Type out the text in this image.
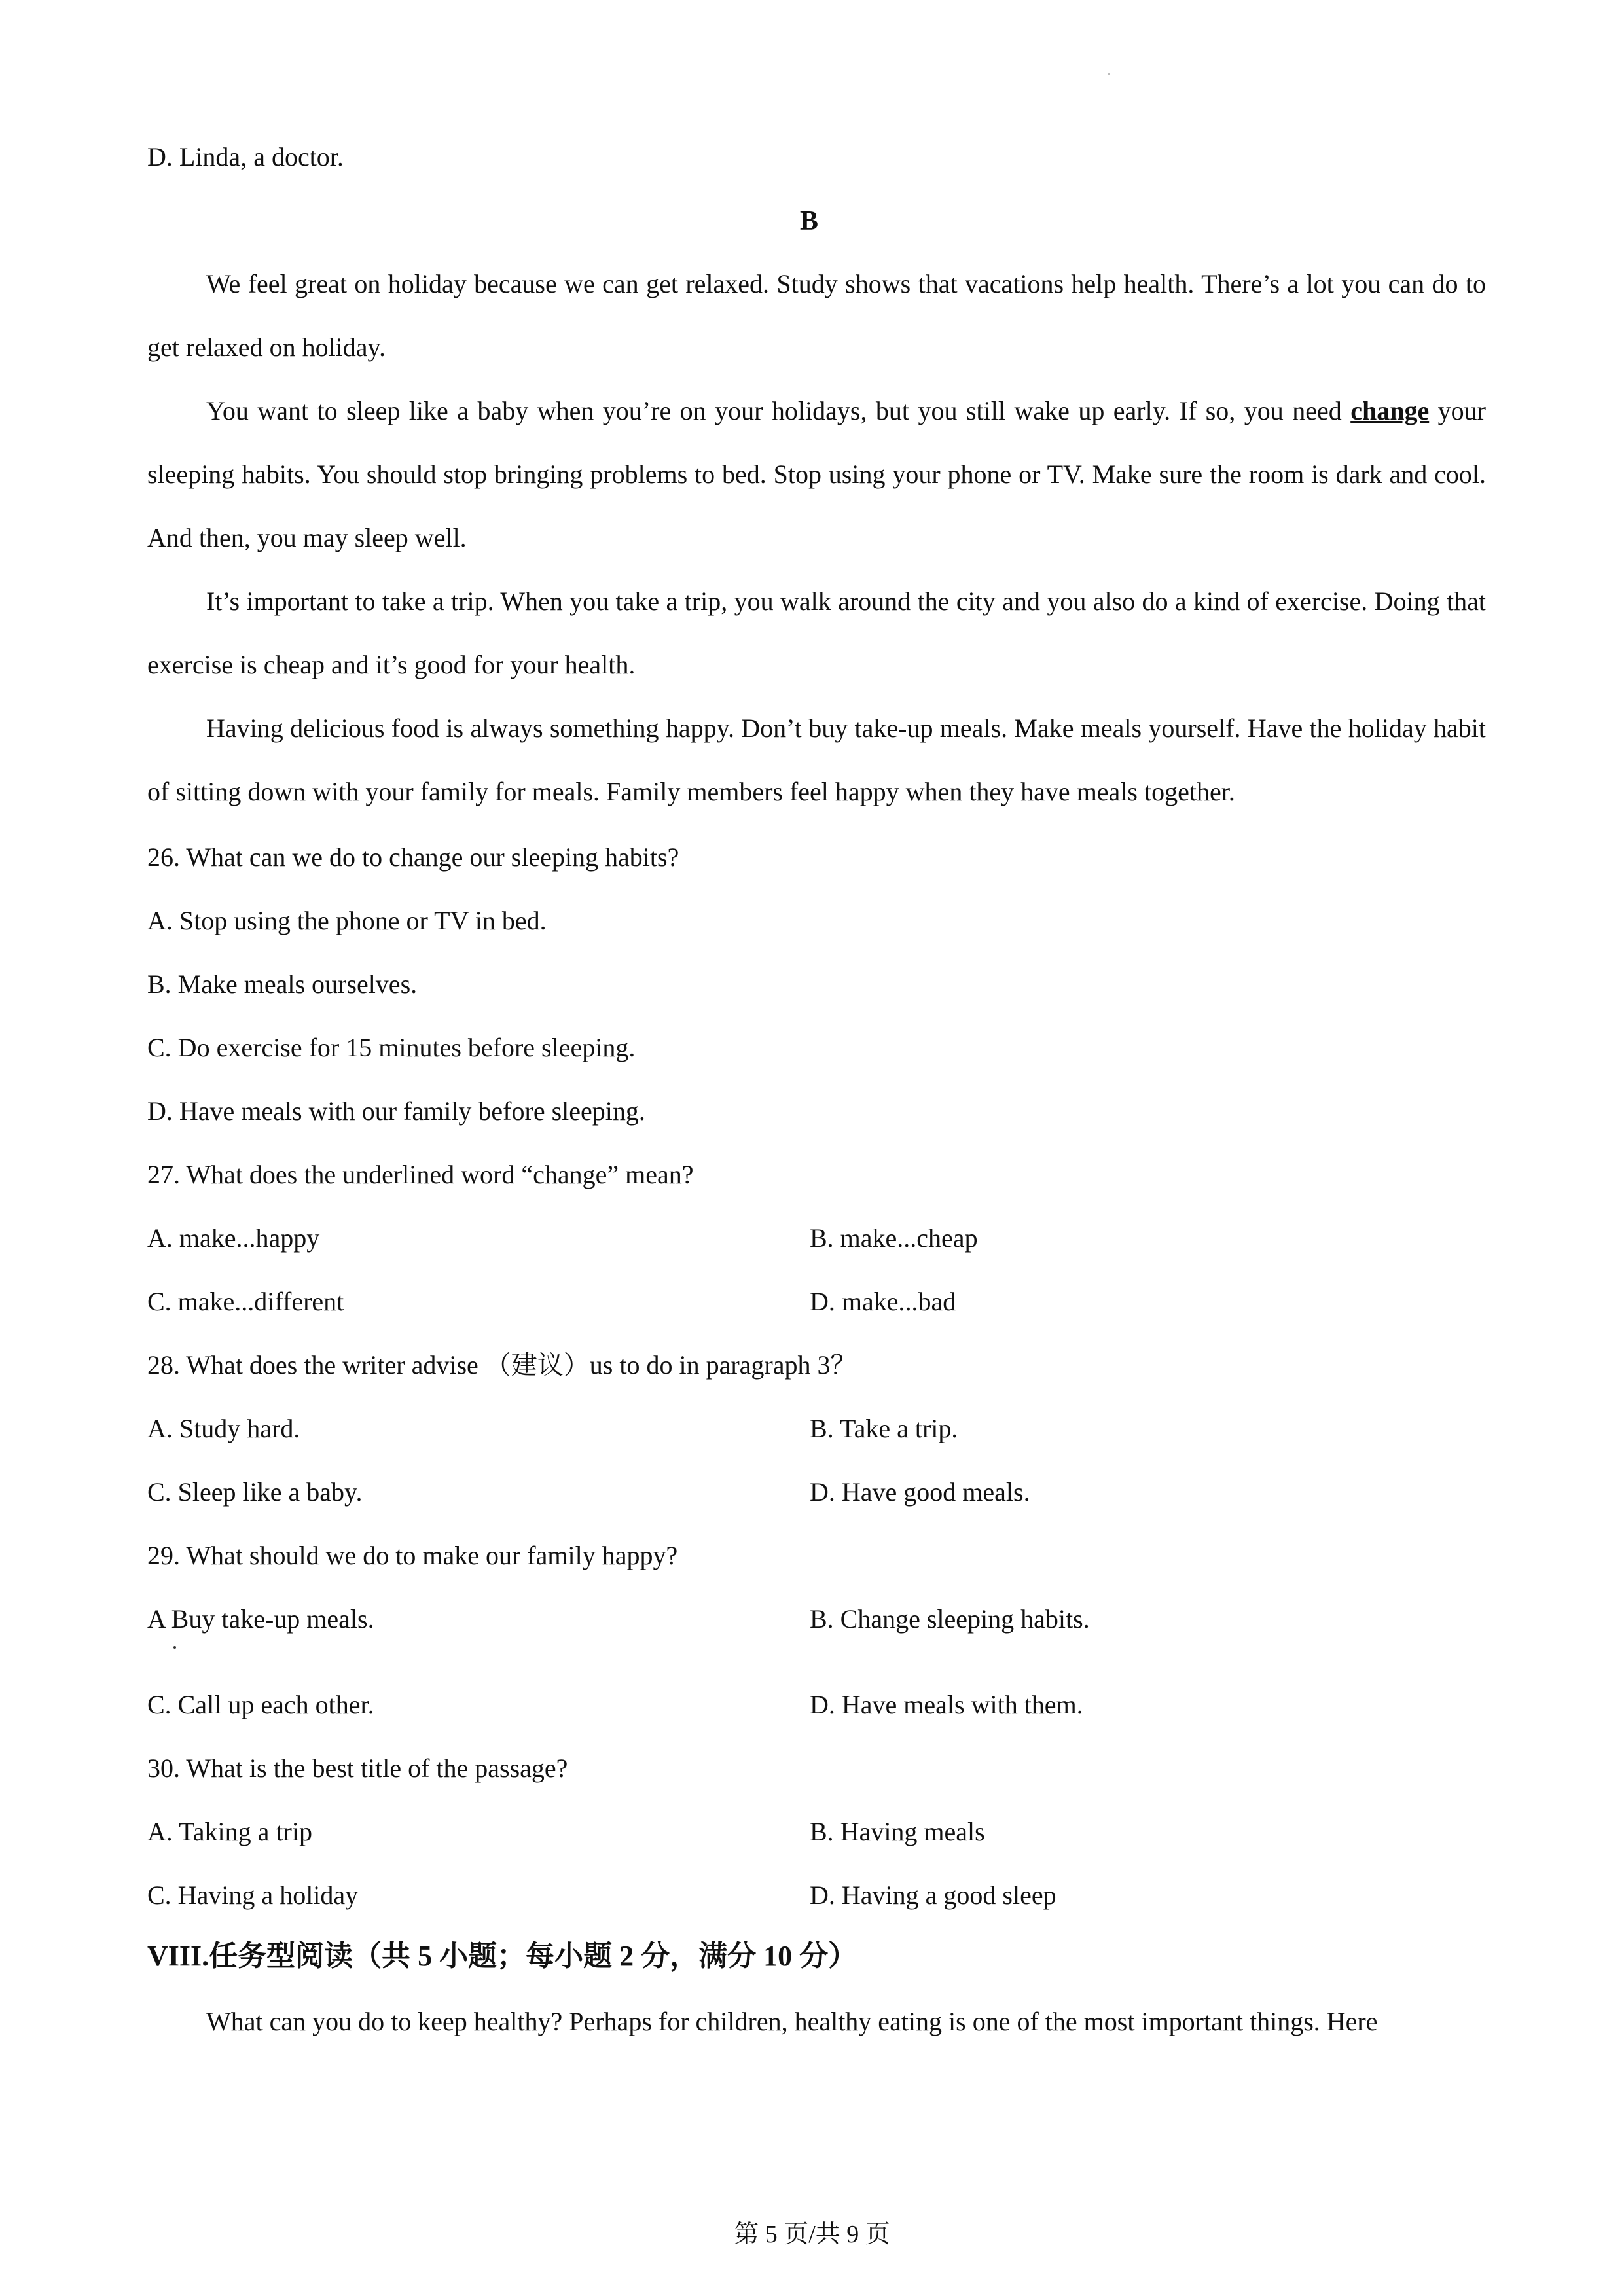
D. Linda, a doctor.

B

We feel great on holiday because we can get relaxed. Study shows that vacations help health. There’s a lot you can do to get relaxed on holiday.

You want to sleep like a baby when you’re on your holidays, but you still wake up early. If so, you need change your sleeping habits. You should stop bringing problems to bed. Stop using your phone or TV. Make sure the room is dark and cool. And then, you may sleep well.

It’s important to take a trip. When you take a trip, you walk around the city and you also do a kind of exercise. Doing that exercise is cheap and it’s good for your health.

Having delicious food is always something happy. Don’t buy take-up meals. Make meals yourself. Have the holiday habit of sitting down with your family for meals. Family members feel happy when they have meals together.

26. What can we do to change our sleeping habits?

A. Stop using the phone or TV in bed.

B. Make meals ourselves.

C. Do exercise for 15 minutes before sleeping.

D. Have meals with our family before sleeping.

27. What does the underlined word “change” mean?

A. make...happy	B. make...cheap

C. make...different	D. make...bad

28. What does the writer advise （建议）us to do in paragraph 3？

A. Study hard.	B. Take a trip.

C. Sleep like a baby.	D. Have good meals.

29. What should we do to make our family happy?

A Buy take-up meals.	B. Change sleeping habits.

C. Call up each other.	D. Have meals with them.

30. What is the best title of the passage?

A. Taking a trip	B. Having meals

C. Having a holiday	D. Having a good sleep

VIII.任务型阅读（共 5 小题；每小题 2 分，满分 10 分）

What can you do to keep healthy? Perhaps for children, healthy eating is one of the most important things. Here

第 5 页/共 9 页
